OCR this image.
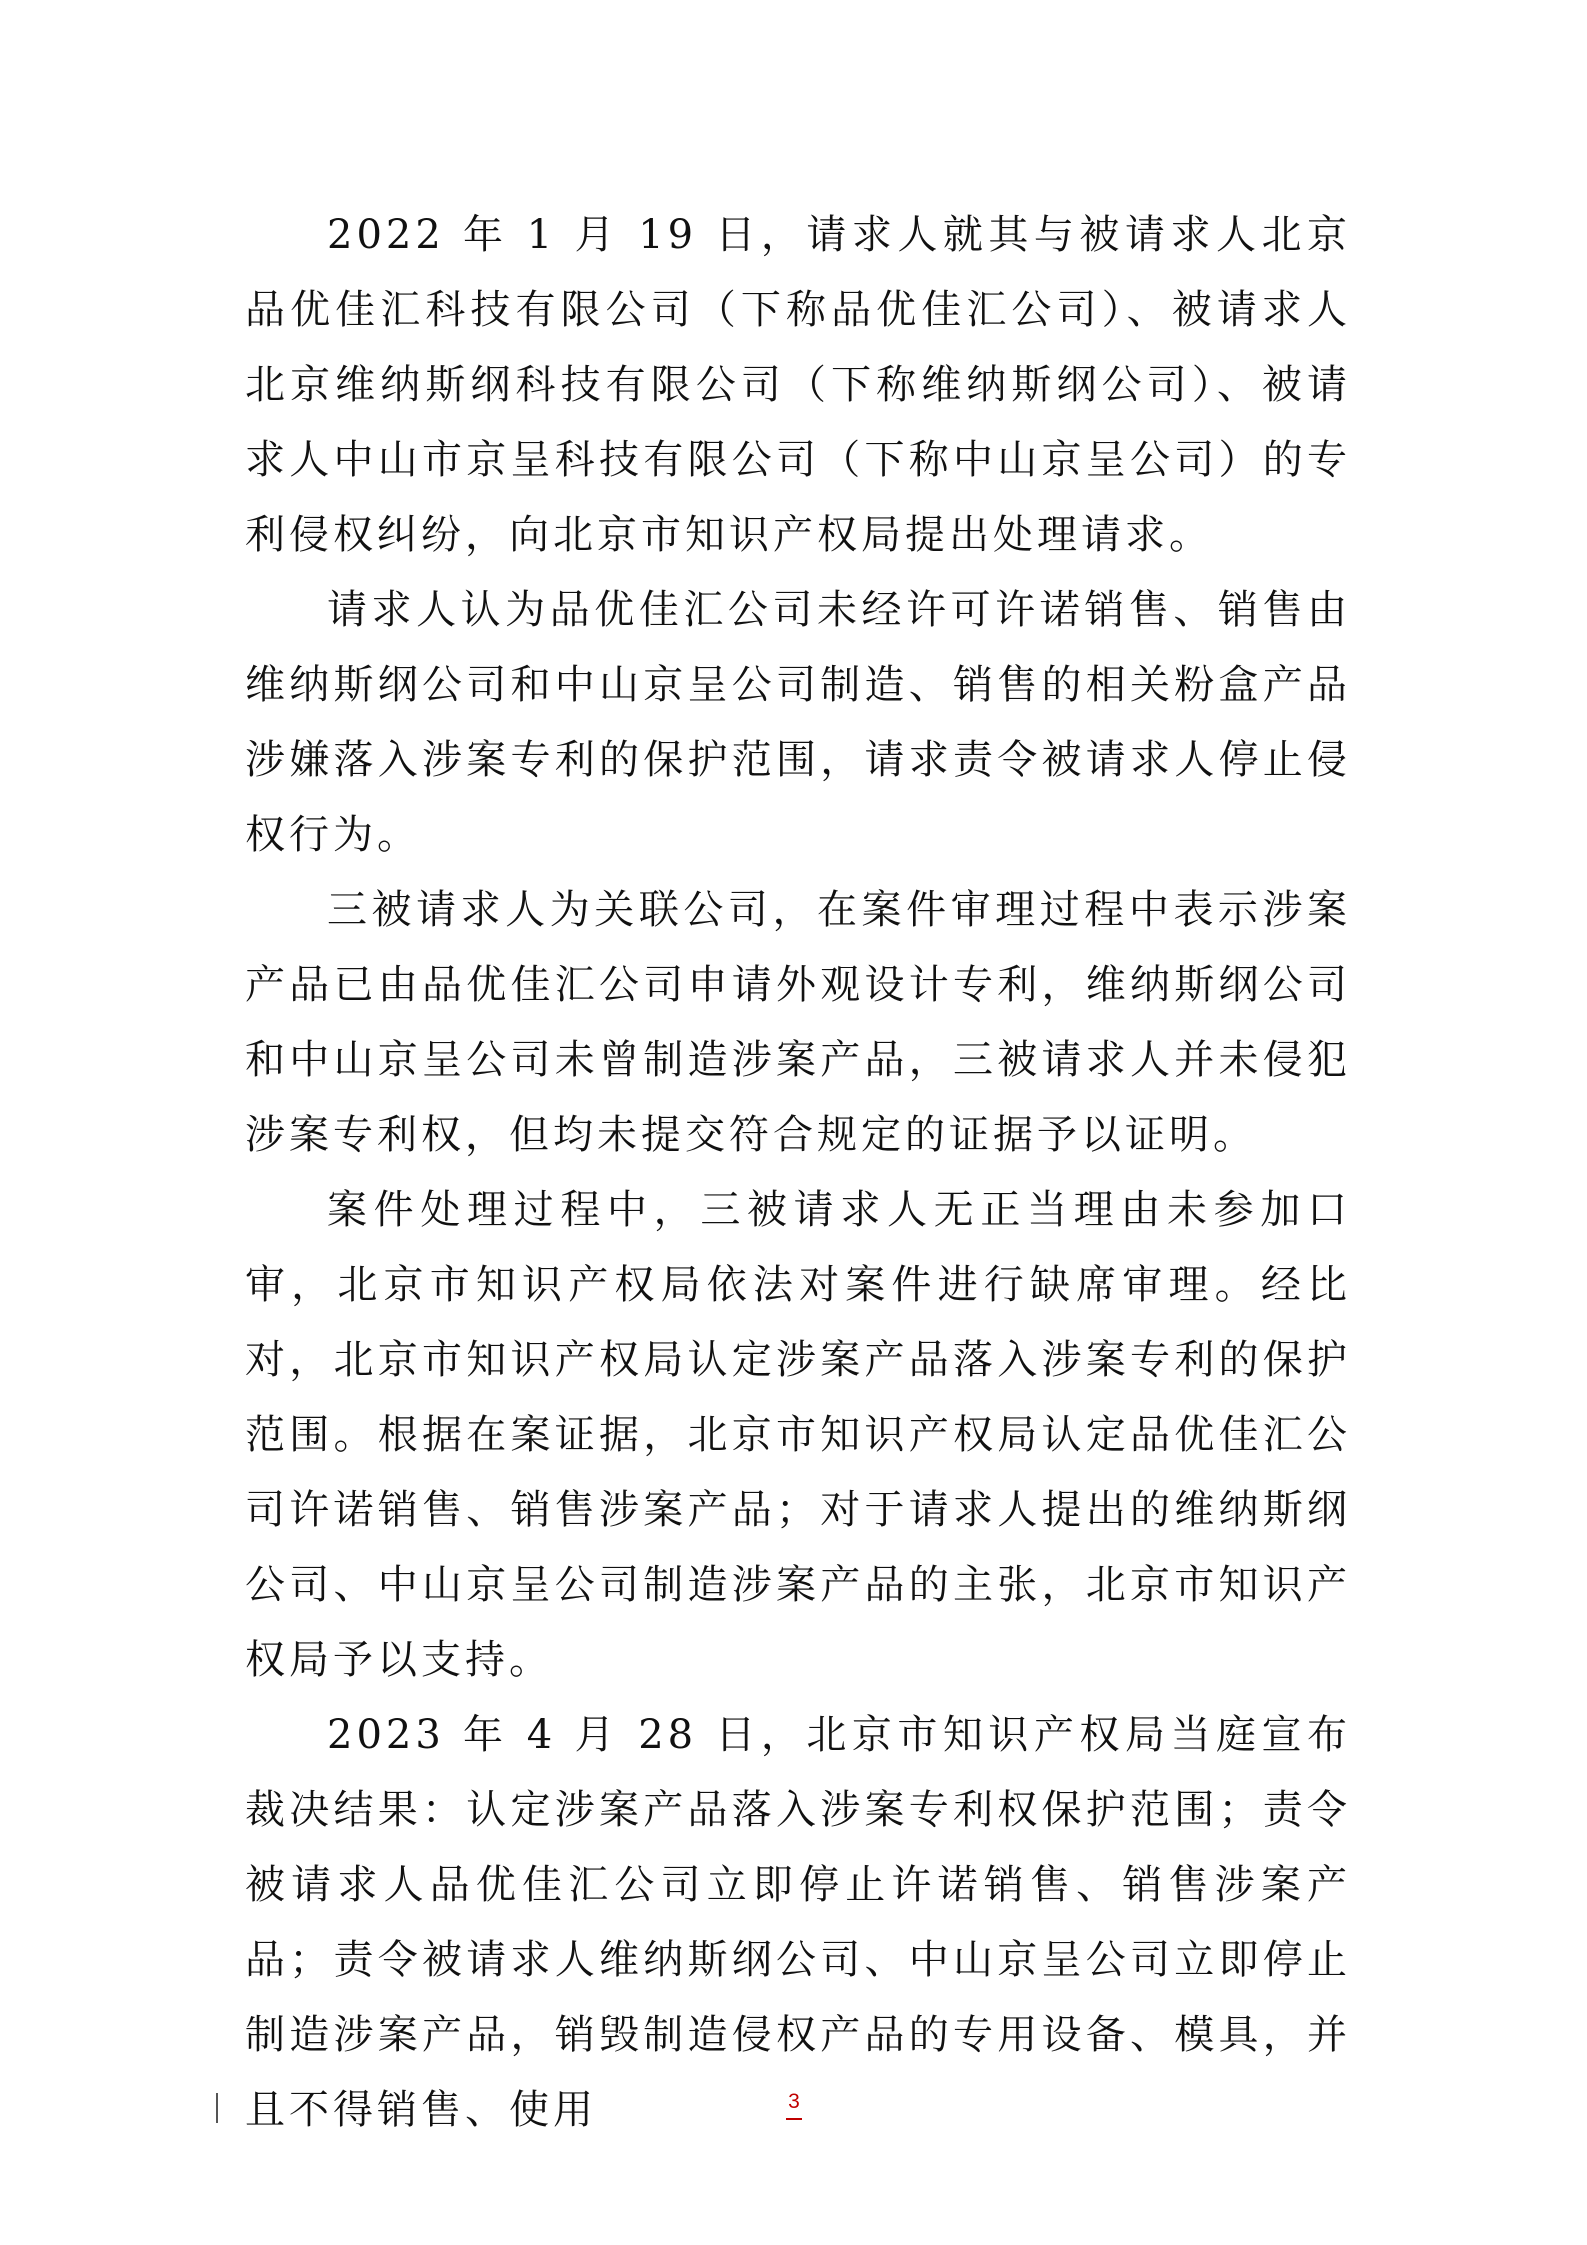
2022 年 1 月 19 日，请求人就其与被请求人北京品优佳汇科技有限公司（下称品优佳汇公司）、被请求人北京维纳斯纲科技有限公司（下称维纳斯纲公司）、被请求人中山市京呈科技有限公司（下称中山京呈公司）的专利侵权纠纷，向北京市知识产权局提出处理请求。

请求人认为品优佳汇公司未经许可许诺销售、销售由维纳斯纲公司和中山京呈公司制造、销售的相关粉盒产品涉嫌落入涉案专利的保护范围，请求责令被请求人停止侵权行为。

三被请求人为关联公司，在案件审理过程中表示涉案产品已由品优佳汇公司申请外观设计专利，维纳斯纲公司和中山京呈公司未曾制造涉案产品，三被请求人并未侵犯涉案专利权，但均未提交符合规定的证据予以证明。

案件处理过程中，三被请求人无正当理由未参加口审，北京市知识产权局依法对案件进行缺席审理。经比对，北京市知识产权局认定涉案产品落入涉案专利的保护范围。根据在案证据，北京市知识产权局认定品优佳汇公司许诺销售、销售涉案产品；对于请求人提出的维纳斯纲公司、中山京呈公司制造涉案产品的主张，北京市知识产权局予以支持。

2023 年 4 月 28 日，北京市知识产权局当庭宣布裁决结果：认定涉案产品落入涉案专利权保护范围；责令被请求人品优佳汇公司立即停止许诺销售、销售涉案产品；责令被请求人维纳斯纲公司、中山京呈公司立即停止制造涉案产品，销毁制造侵权产品的专用设备、模具，并且不得销售、使用	3
